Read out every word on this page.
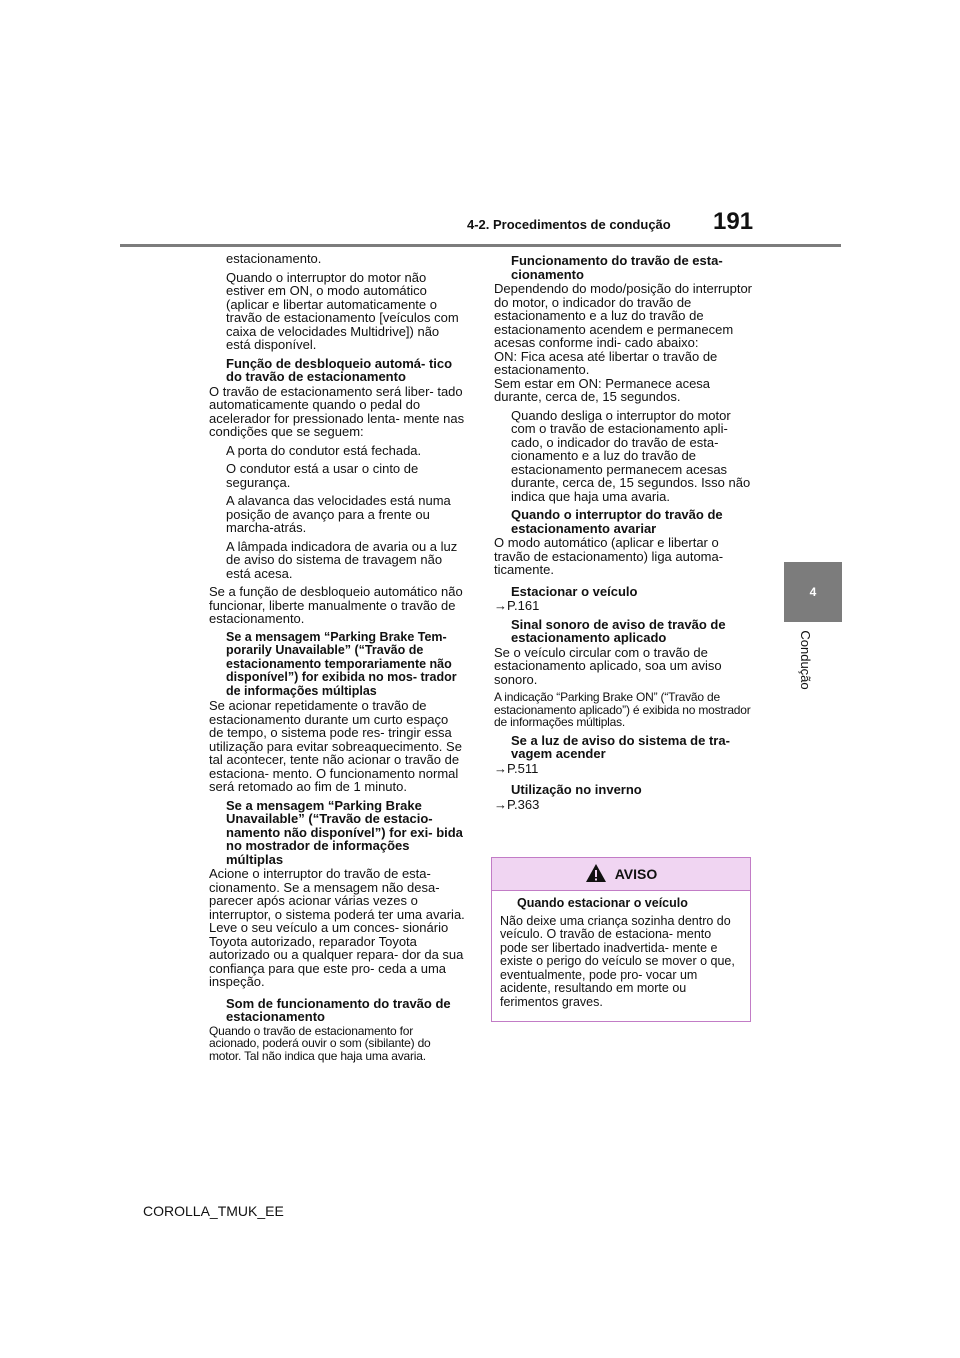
4-2. Procedimentos de condução 191
4
Condução
estacionamento.
Quando o interruptor do motor não estiver em ON, o modo automático (aplicar e libertar automaticamente o travão de estacionamento [veículos com caixa de velocidades Multidrive]) não está disponível.
Função de desbloqueio automá- tico do travão de estacionamento
O travão de estacionamento será liber- tado automaticamente quando o pedal do acelerador for pressionado lenta- mente nas condições que se seguem:
A porta do condutor está fechada.
O condutor está a usar o cinto de segurança.
A alavanca das velocidades está numa posição de avanço para a frente ou marcha-atrás.
A lâmpada indicadora de avaria ou a luz de aviso do sistema de travagem não está acesa.
Se a função de desbloqueio automático não funcionar, liberte manualmente o travão de estacionamento.
Se a mensagem “Parking Brake Tem- porarily Unavailable” (“Travão de estacionamento temporariamente não disponível”) for exibida no mos- trador de informações múltiplas
Se acionar repetidamente o travão de estacionamento durante um curto espaço de tempo, o sistema pode res- tringir essa utilização para evitar sobreaquecimento. Se tal acontecer, tente não acionar o travão de estaciona- mento. O funcionamento normal será retomado ao fim de 1 minuto.
Se a mensagem “Parking Brake Unavailable” (“Travão de estacio- namento não disponível”) for exi- bida no mostrador de informações múltiplas
Acione o interruptor do travão de esta- cionamento. Se a mensagem não desa- parecer após acionar várias vezes o interruptor, o sistema poderá ter uma avaria. Leve o seu veículo a um conces- sionário Toyota autorizado, reparador Toyota autorizado ou a qualquer repara- dor da sua confiança para que este pro- ceda a uma inspeção.
Som de funcionamento do travão de estacionamento
Quando o travão de estacionamento for acionado, poderá ouvir o som (sibilante) do motor. Tal não indica que haja uma avaria.
Funcionamento do travão de esta- cionamento
Dependendo do modo/posição do interruptor do motor, o indicador do travão de estacionamento e a luz do travão de estacionamento acendem e permanecem acesas conforme indi- cado abaixo:
ON: Fica acesa até libertar o travão de estacionamento.
Sem estar em ON: Permanece acesa durante, cerca de, 15 segundos.
Quando desliga o interruptor do motor com o travão de estacionamento apli- cado, o indicador do travão de esta- cionamento e a luz do travão de estacionamento permanecem acesas durante, cerca de, 15 segundos. Isso não indica que haja uma avaria.
Quando o interruptor do travão de estacionamento avariar
O modo automático (aplicar e libertar o travão de estacionamento) liga automa- ticamente.
Estacionar o veículo
→P.161
Sinal sonoro de aviso de travão de estacionamento aplicado
Se o veículo circular com o travão de estacionamento aplicado, soa um aviso sonoro.
A indicação “Parking Brake ON” (“Travão de estacionamento aplicado”) é exibida no mostrador de informações múltiplas.
Se a luz de aviso do sistema de tra- vagem acender
→P.511
Utilização no inverno
→P.363
AVISO
Quando estacionar o veículo
Não deixe uma criança sozinha dentro do veículo. O travão de estaciona- mento pode ser libertado inadvertida- mente e existe o perigo do veículo se mover o que, eventualmente, pode pro- vocar um acidente, resultando em morte ou ferimentos graves.
COROLLA_TMUK_EE
